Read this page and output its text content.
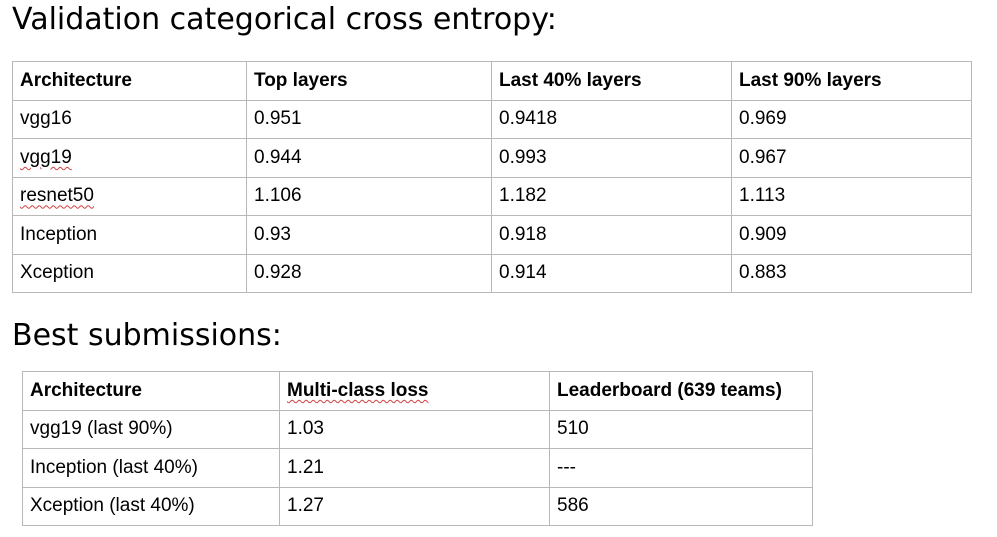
Validation categorical cross entropy:
Architecture	Top layers	Last 40% layers	Last 90% layers
vgg16	0.951	0.9418	0.969
vgg19	0.944	0.993	0.967
resnet50	1.106	1.182	1.113
Inception	0.93	0.918	0.909
Xception	0.928	0.914	0.883
Best submissions:
Architecture	Multi-class loss	Leaderboard (639 teams)
vgg19 (last 90%)	1.03	510
Inception (last 40%)	1.21	---
Xception (last 40%)	1.27	586
